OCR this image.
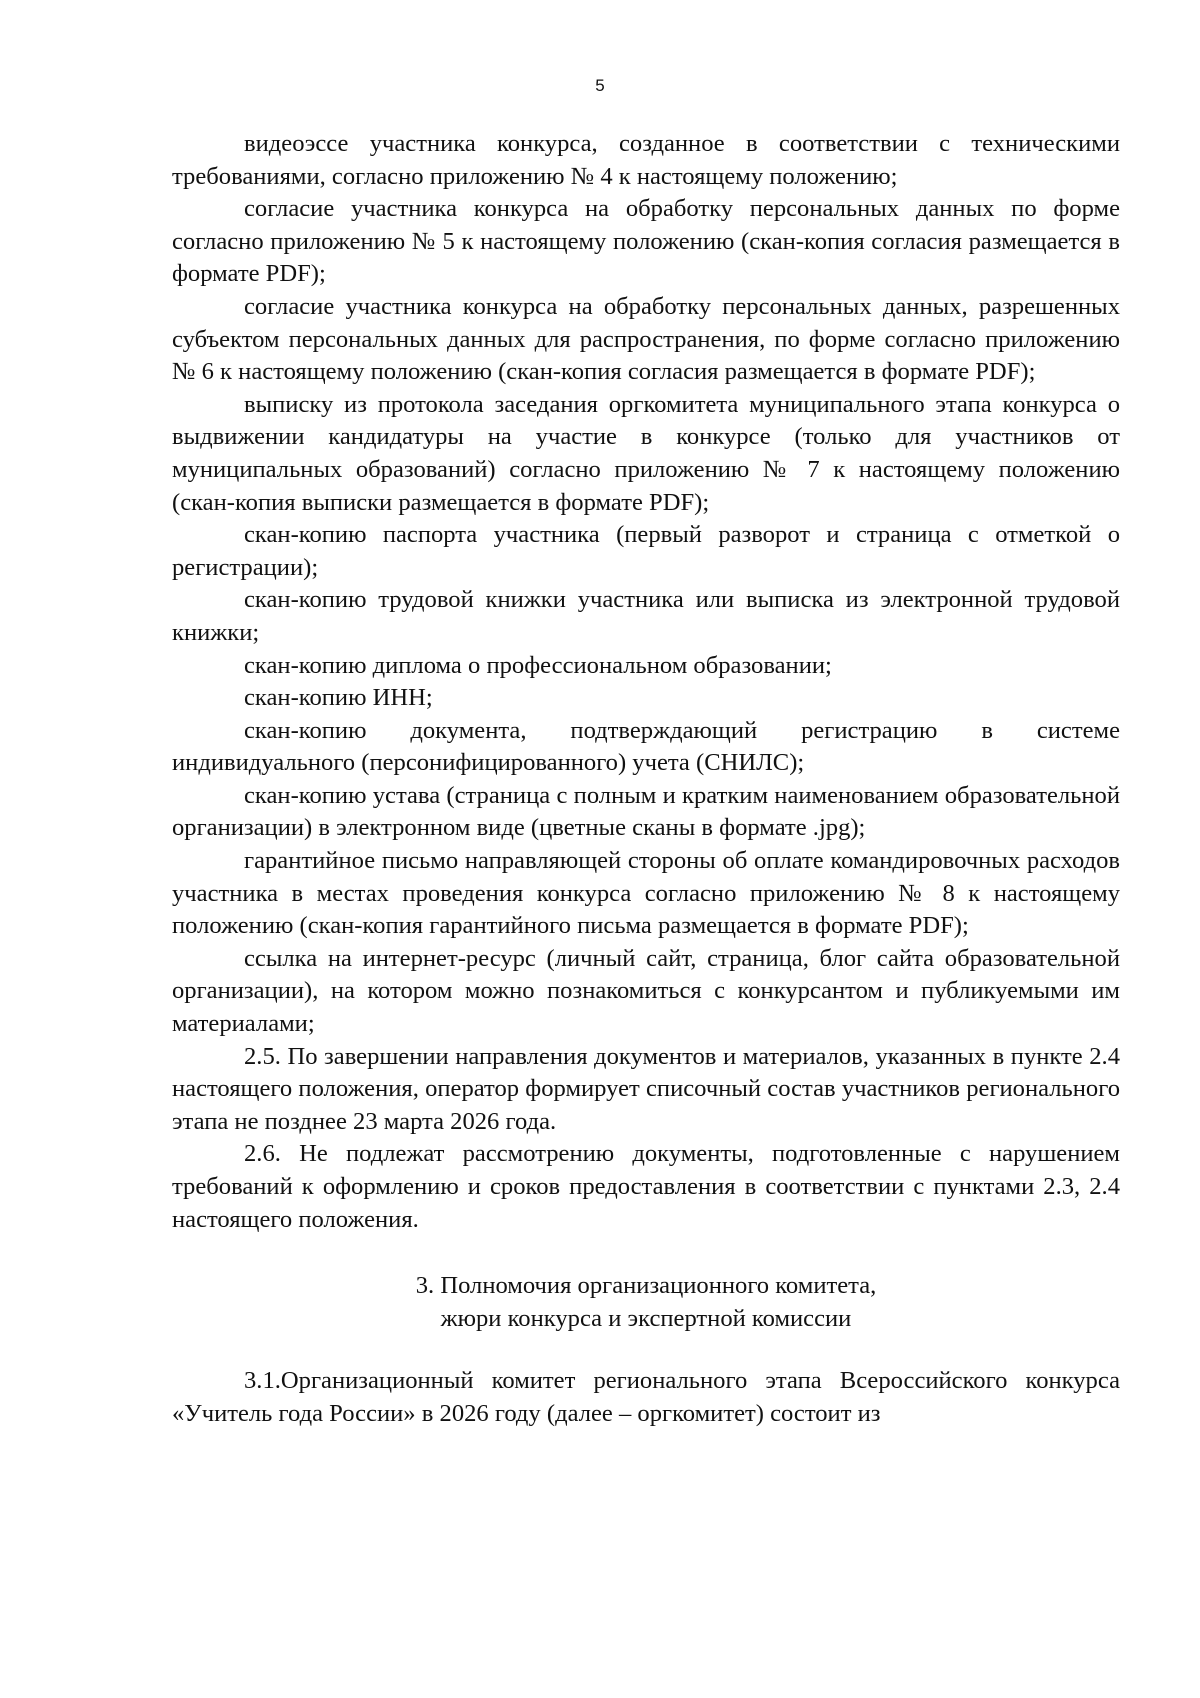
5

видеоэссе участника конкурса, созданное в соответствии с техническими требованиями, согласно приложению № 4 к настоящему положению;

согласие участника конкурса на обработку персональных данных по форме согласно приложению № 5 к настоящему положению (скан-копия согласия размещается в формате PDF);

согласие участника конкурса на обработку персональных данных, разрешенных субъектом персональных данных для распространения, по форме согласно приложению № 6 к настоящему положению (скан-копия согласия размещается в формате PDF);

выписку из протокола заседания оргкомитета муниципального этапа конкурса о выдвижении кандидатуры на участие в конкурсе (только для участников от муниципальных образований) согласно приложению № 7 к настоящему положению (скан-копия выписки размещается в формате PDF);

скан-копию паспорта участника (первый разворот и страница с отметкой о регистрации);

скан-копию трудовой книжки участника или выписка из электронной трудовой книжки;

скан-копию диплома о профессиональном образовании;

скан-копию ИНН;

скан-копию документа, подтверждающий регистрацию в системе индивидуального (персонифицированного) учета (СНИЛС);

скан-копию устава (страница с полным и кратким наименованием образовательной организации) в электронном виде (цветные сканы в формате .jpg);

гарантийное письмо направляющей стороны об оплате командировочных расходов участника в местах проведения конкурса согласно приложению № 8 к настоящему положению (скан-копия гарантийного письма размещается в формате PDF);

ссылка на интернет-ресурс (личный сайт, страница, блог сайта образовательной организации), на котором можно познакомиться с конкурсантом и публикуемыми им материалами;

2.5. По завершении направления документов и материалов, указанных в пункте 2.4 настоящего положения, оператор формирует списочный состав участников регионального этапа не позднее 23 марта 2026 года.

2.6. Не подлежат рассмотрению документы, подготовленные с нарушением требований к оформлению и сроков предоставления в соответствии с пунктами 2.3, 2.4 настоящего положения.

3. Полномочия организационного комитета,
жюри конкурса и экспертной комиссии

3.1.Организационный комитет регионального этапа Всероссийского конкурса «Учитель года России» в 2026 году (далее – оргкомитет) состоит из
